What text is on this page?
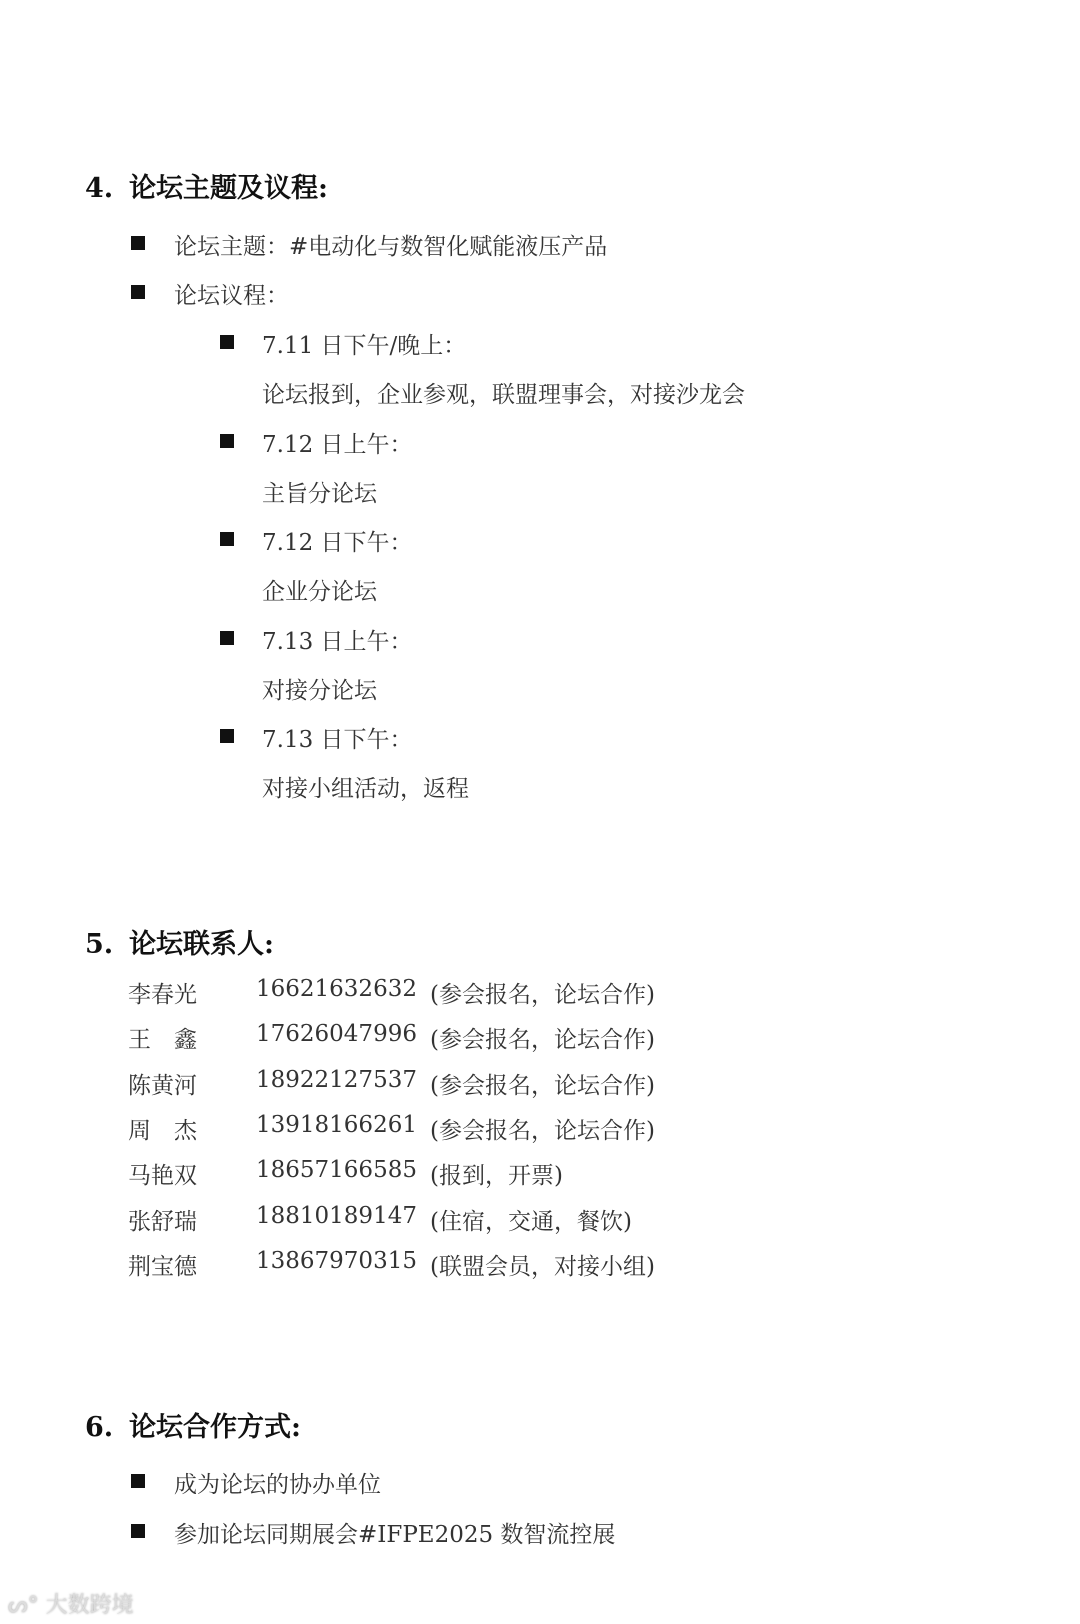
4. 论坛主题及议程:
论坛主题：#电动化与数智化赋能液压产品
论坛议程：
7.11 日下午/晚上：
论坛报到，企业参观，联盟理事会，对接沙龙会
7.12 日上午：
主旨分论坛
7.12 日下午：
企业分论坛
7.13 日上午：
对接分论坛
7.13 日下午：
对接小组活动，返程
5. 论坛联系人:
李春光	16621632632 (参会报名，论坛合作)
王　鑫	17626047996 (参会报名，论坛合作)
陈黄河	18922127537 (参会报名，论坛合作)
周　杰	13918166261 (参会报名，论坛合作)
马艳双	18657166585 (报到，开票)
张舒瑞	18810189147 (住宿，交通，餐饮)
荆宝德	13867970315 (联盟会员，对接小组)
6. 论坛合作方式:
成为论坛的协办单位
参加论坛同期展会#IFPE2025 数智流控展
ᔕ° 大数跨境
